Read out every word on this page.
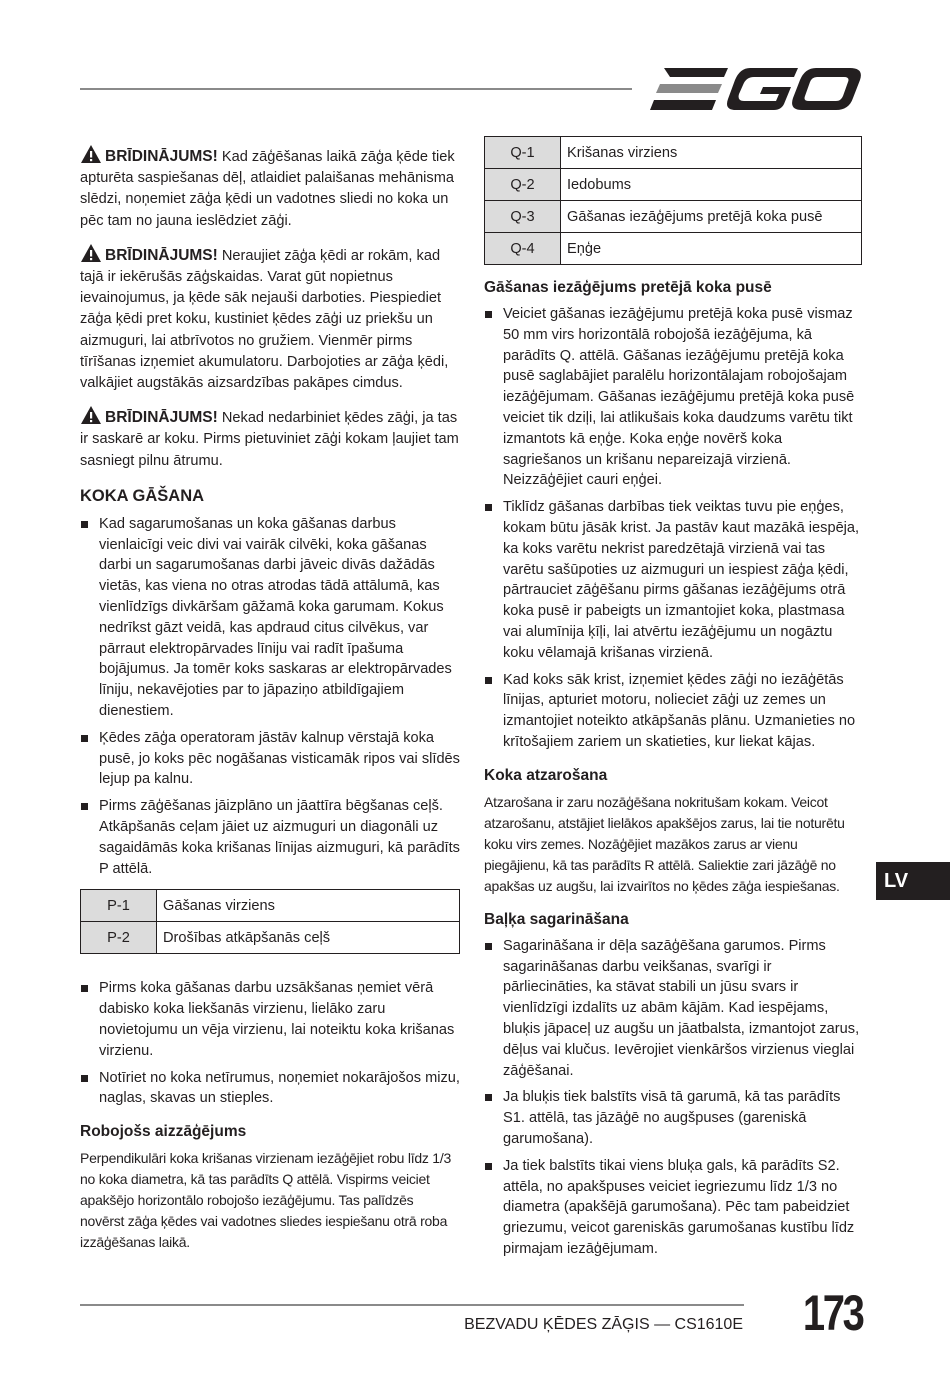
BRĪDINĀJUMS! Kad zāģēšanas laikā zāģa ķēde tiek apturēta saspiešanas dēļ, atlaidiet palaišanas mehānisma slēdzi, noņemiet zāģa ķēdi un vadotnes sliedi no koka un pēc tam no jauna ieslēdziet zāģi.

BRĪDINĀJUMS! Neraujiet zāģa ķēdi ar rokām, kad tajā ir iekērušās zāģskaidas. Varat gūt nopietnus ievainojumus, ja ķēde sāk nejauši darboties. Piespiediet zāģa ķēdi pret koku, kustiniet ķēdes zāģi uz priekšu un aizmuguri, lai atbrīvotos no gružiem. Vienmēr pirms tīrīšanas izņemiet akumulatoru. Darbojoties ar zāģa ķēdi, valkājiet augstākās aizsardzības pakāpes cimdus.

BRĪDINĀJUMS! Nekad nedarbiniet ķēdes zāģi, ja tas ir saskarē ar koku. Pirms pietuviniet zāģi kokam ļaujiet tam sasniegt pilnu ātrumu.

KOKA GĀŠANA
Kad sagarumošanas un koka gāšanas darbus vienlaicīgi veic divi vai vairāk cilvēki, koka gāšanas darbi un sagarumošanas darbi jāveic divās dažādās vietās, kas viena no otras atrodas tādā attālumā, kas vienlīdzīgs divkāršam gāžamā koka garumam. Kokus nedrīkst gāzt veidā, kas apdraud citus cilvēkus, var pārraut elektropārvades līniju vai radīt īpašuma bojājumus. Ja tomēr koks saskaras ar elektropārvades līniju, nekavējoties par to jāpaziņo atbildīgajiem dienestiem.
Ķēdes zāģa operatoram jāstāv kalnup vērstajā koka pusē, jo koks pēc nogāšanas visticamāk ripos vai slīdēs lejup pa kalnu.
Pirms zāģēšanas jāizplāno un jāattīra bēgšanas ceļš. Atkāpšanās ceļam jāiet uz aizmuguri un diagonāli uz sagaidāmās koka krišanas līnijas aizmuguri, kā parādīts P attēlā.
P-1	Gāšanas virziens
P-2	Drošības atkāpšanās ceļš
Pirms koka gāšanas darbu uzsākšanas ņemiet vērā dabisko koka liekšanās virzienu, lielāko zaru novietojumu un vēja virzienu, lai noteiktu koka krišanas virzienu.
Notīriet no koka netīrumus, noņemiet nokarājošos mizu, naglas, skavas un stieples.
Robojošs aizzāģējums

Perpendikulāri koka krišanas virzienam iezāģējiet robu līdz 1/3 no koka diametra, kā tas parādīts Q attēlā. Vispirms veiciet apakšējo horizontālo robojošo iezāģējumu. Tas palīdzēs novērst zāģa ķēdes vai vadotnes sliedes iespiešanu otrā roba izzāģēšanas laikā.

Q-1	Krišanas virziens
Q-2	Iedobums
Q-3	Gāšanas iezāģējums pretējā koka pusē
Q-4	Eņģe
Gāšanas iezāģējums pretējā koka pusē
Veiciet gāšanas iezāģējumu pretējā koka pusē vismaz 50 mm virs horizontālā robojošā iezāģējuma, kā parādīts Q. attēlā. Gāšanas iezāģējumu pretējā koka pusē saglabājiet paralēlu horizontālajam robojošajam iezāģējumam. Gāšanas iezāģējumu pretējā koka pusē veiciet tik dziļi, lai atlikušais koka daudzums varētu tikt izmantots kā eņģe. Koka eņģe novērš koka sagriešanos un krišanu nepareizajā virzienā. Neizzāģējiet cauri eņģei.
Tiklīdz gāšanas darbības tiek veiktas tuvu pie eņģes, kokam būtu jāsāk krist. Ja pastāv kaut mazākā iespēja, ka koks varētu nekrist paredzētajā virzienā vai tas varētu sašūpoties uz aizmuguri un iespiest zāģa ķēdi, pārtrauciet zāģēšanu pirms gāšanas iezāģējums otrā koka pusē ir pabeigts un izmantojiet koka, plastmasa vai alumīnija ķīļi, lai atvērtu iezāģējumu un nogāztu koku vēlamajā krišanas virzienā.
Kad koks sāk krist, izņemiet ķēdes zāģi no iezāģētās līnijas, apturiet motoru, nolieciet zāģi uz zemes un izmantojiet noteikto atkāpšanās plānu. Uzmanieties no krītošajiem zariem un skatieties, kur liekat kājas.
Koka atzarošana

Atzarošana ir zaru nozāģēšana nokritušam kokam. Veicot atzarošanu, atstājiet lielākos apakšējos zarus, lai tie noturētu koku virs zemes. Nozāģējiet mazākos zarus ar vienu piegājienu, kā tas parādīts R attēlā. Saliektie zari jāzāģē no apakšas uz augšu, lai izvairītos no ķēdes zāģa iespiešanas.

Baļķa sagarināšana
Sagarināšana ir dēļa sazāģēšana garumos. Pirms sagarināšanas darbu veikšanas, svarīgi ir pārliecināties, ka stāvat stabili un jūsu svars ir vienlīdzīgi izdalīts uz abām kājām. Kad iespējams, bluķis jāpaceļ uz augšu un jāatbalsta, izmantojot zarus, dēļus vai klučus. Ievērojiet vienkāršos virzienus vieglai zāģēšanai.
Ja bluķis tiek balstīts visā tā garumā, kā tas parādīts S1. attēlā, tas jāzāģē no augšpuses (gareniskā garumošana).
Ja tiek balstīts tikai viens bluķa gals, kā parādīts S2. attēla, no apakšpuses veiciet iegriezumu līdz 1/3 no diametra (apakšējā garumošana). Pēc tam pabeidziet griezumu, veicot gareniskās garumošanas kustību līdz pirmajam iezāģējumam.
LV
BEZVADU ĶĒDES ZĀĢIS — CS1610E 173
